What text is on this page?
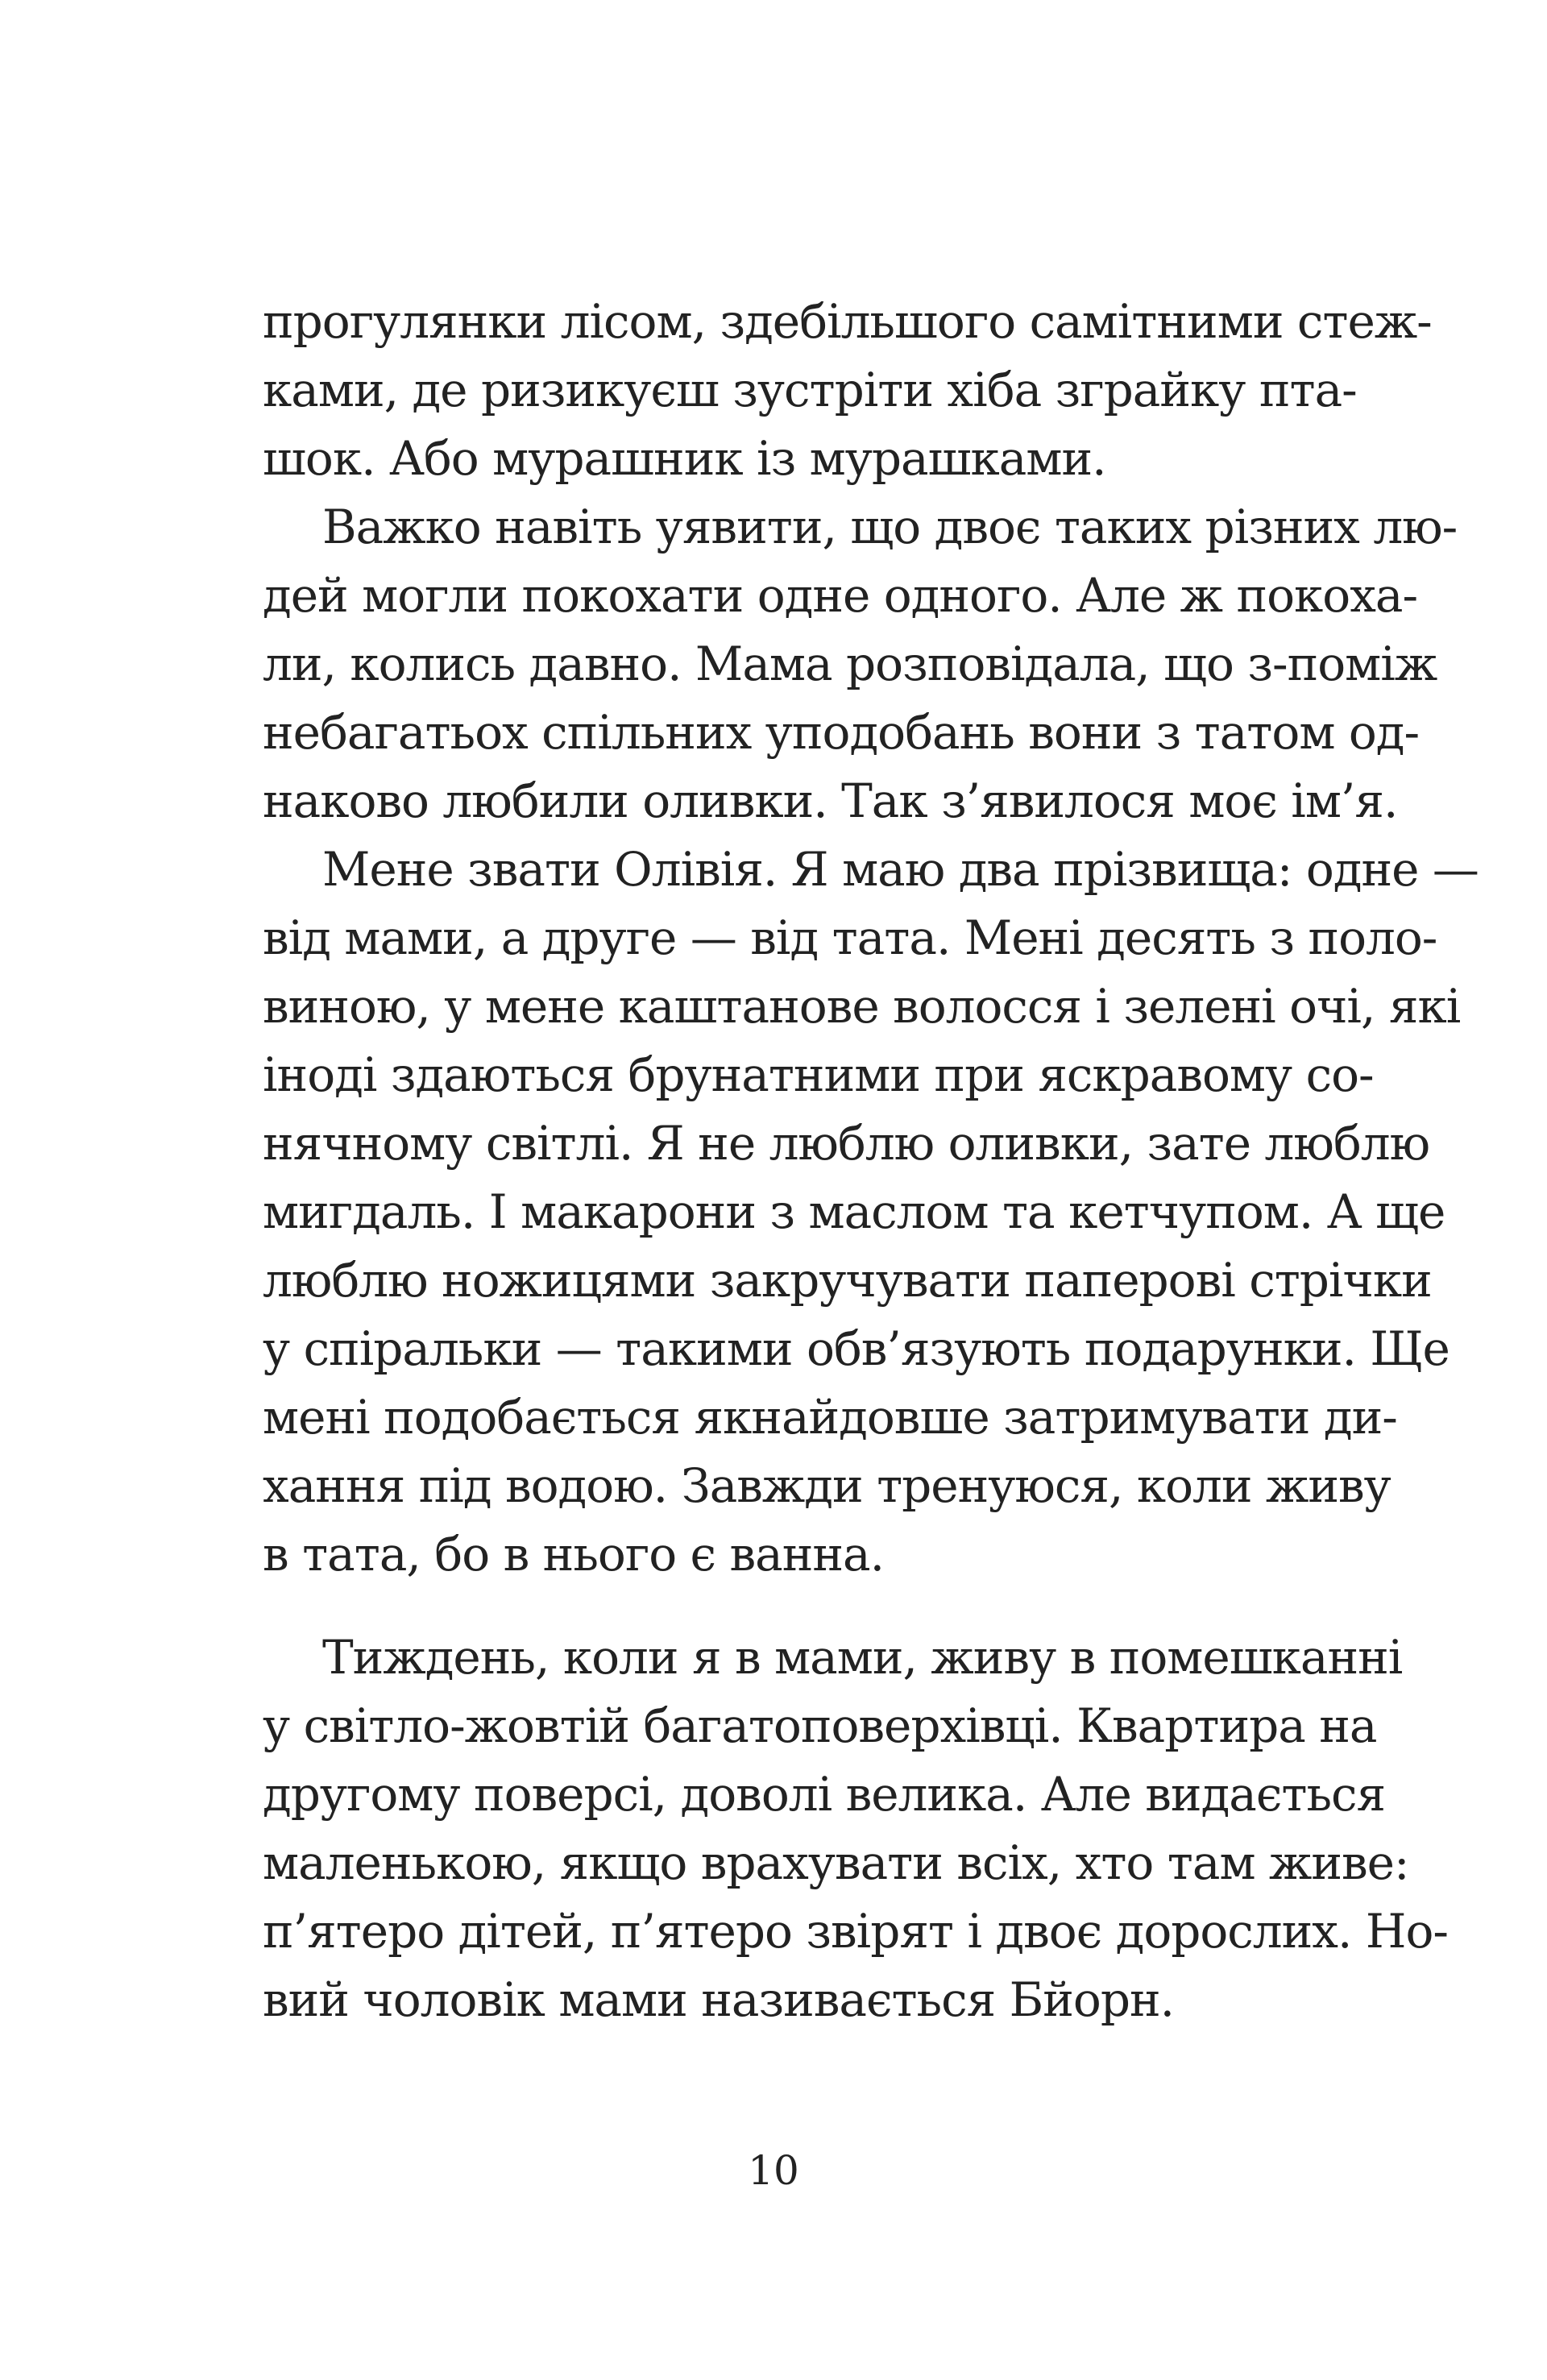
прогулянки лісом, здебільшого самітними стеж-
ками, де ризикуєш зустріти хіба зграйку пта-
шок. Або мурашник із мурашками.
Важко навіть уявити, що двоє таких різних лю-
дей могли покохати одне одного. Але ж покоха-
ли, колись давно. Мама розповідала, що з-поміж
небагатьох спільних уподобань вони з татом од-
наково любили оливки. Так з’явилося моє ім’я.
Мене звати Олівія. Я маю два прізвища: одне —
від мами, а друге — від тата. Мені десять з поло-
виною, у мене каштанове волосся і зелені очі, які
іноді здаються брунатними при яскравому со-
нячному світлі. Я не люблю оливки, зате люблю
мигдаль. І макарони з маслом та кетчупом. А ще
люблю ножицями закручувати паперові стрічки
у спіральки — такими обв’язують подарунки. Ще
мені подобається якнайдовше затримувати ди-
хання під водою. Завжди тренуюся, коли живу
в тата, бо в нього є ванна.
Тиждень, коли я в мами, живу в помешканні
у світло-жовтій багатоповерхівці. Квартира на
другому поверсі, доволі велика. Але видається
маленькою, якщо врахувати всіх, хто там живе:
п’ятеро дітей, п’ятеро звірят і двоє дорослих. Но-
вий чоловік мами називається Бйорн.
10
